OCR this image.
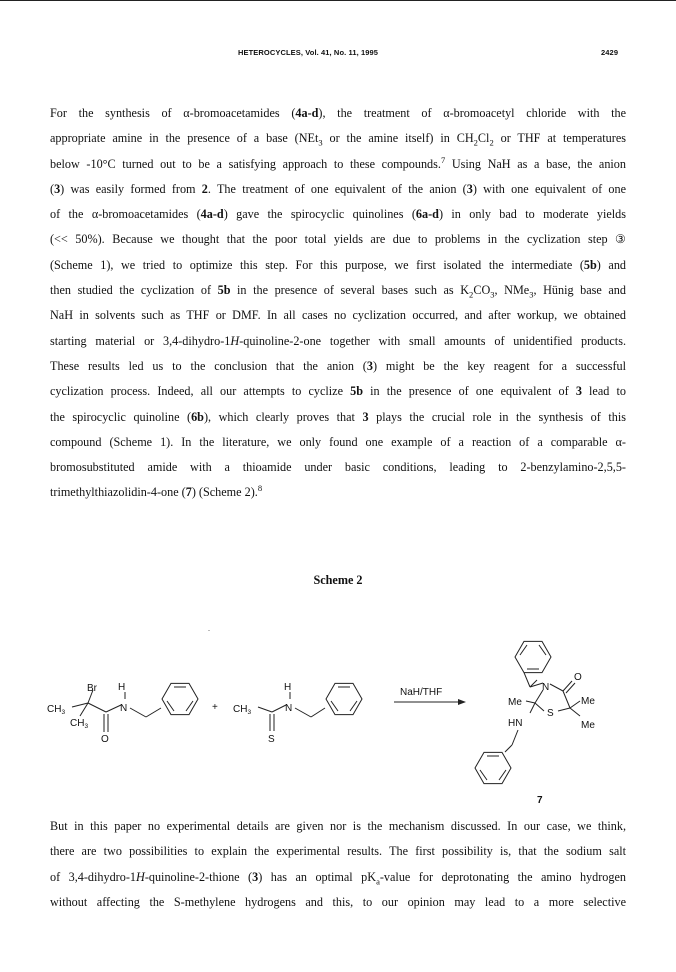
HETEROCYCLES, Vol. 41, No. 11, 1995	2429
For the synthesis of α-bromoacetamides (4a-d), the treatment of α-bromoacetyl chloride with the
appropriate amine in the presence of a base (NEt$_3$ or the amine itself) in $CH_2Cl_2$ or THF at temperatures
below -10°C turned out to be a satisfying approach to these compounds.$^7$ Using NaH as a base, the anion
(3) was easily formed from 2. The treatment of one equivalent of the anion (3) with one equivalent of one
of the α-bromoacetamides (4a-d) gave the spirocyclic quinolines (6a-d) in only bad to moderate yields
(<< 50%). Because we thought that the poor total yields are due to problems in the cyclization step ③
(Scheme 1), we tried to optimize this step. For this purpose, we first isolated the intermediate (5b) and
then studied the cyclization of 5b in the presence of several bases such as $K_2CO_3$, NMe$_3$, Hünig base and
NaH in solvents such as THF or DMF. In all cases no cyclization occurred, and after workup, we obtained
starting material or 3,4-dihydro-1H-quinoline-2-one together with small amounts of unidentified products.
These results led us to the conclusion that the anion (3) might be the key reagent for a successful
cyclization process. Indeed, all our attempts to cyclize 5b in the presence of one equivalent of 3 lead to
the spirocyclic quinoline (6b), which clearly proves that 3 plays the crucial role in the synthesis of this
compound (Scheme 1). In the literature, we only found one example of a reaction of a comparable α-
bromosubstituted amide with a thioamide under basic conditions, leading to 2-benzylamino-2,5,5-
trimethylthiazolidin-4-one (7) (Scheme 2).$^8$
Scheme 2
Br H
N
O
$CH_3$
$CH_3$
+ $CH_3$
H
N
S
NaH/THF	N
O
S
HN
Me	Me
Me
7
But in this paper no experimental details are given nor is the mechanism discussed. In our case, we think,
there are two possibilities to explain the experimental results. The first possibility is, that the sodium salt
of 3,4-dihydro-1H-quinoline-2-thione (3) has an optimal $pK_a$-value for deprotonating the amino hydrogen
without affecting the S-methylene hydrogens and this, to our opinion may lead to a more selective
